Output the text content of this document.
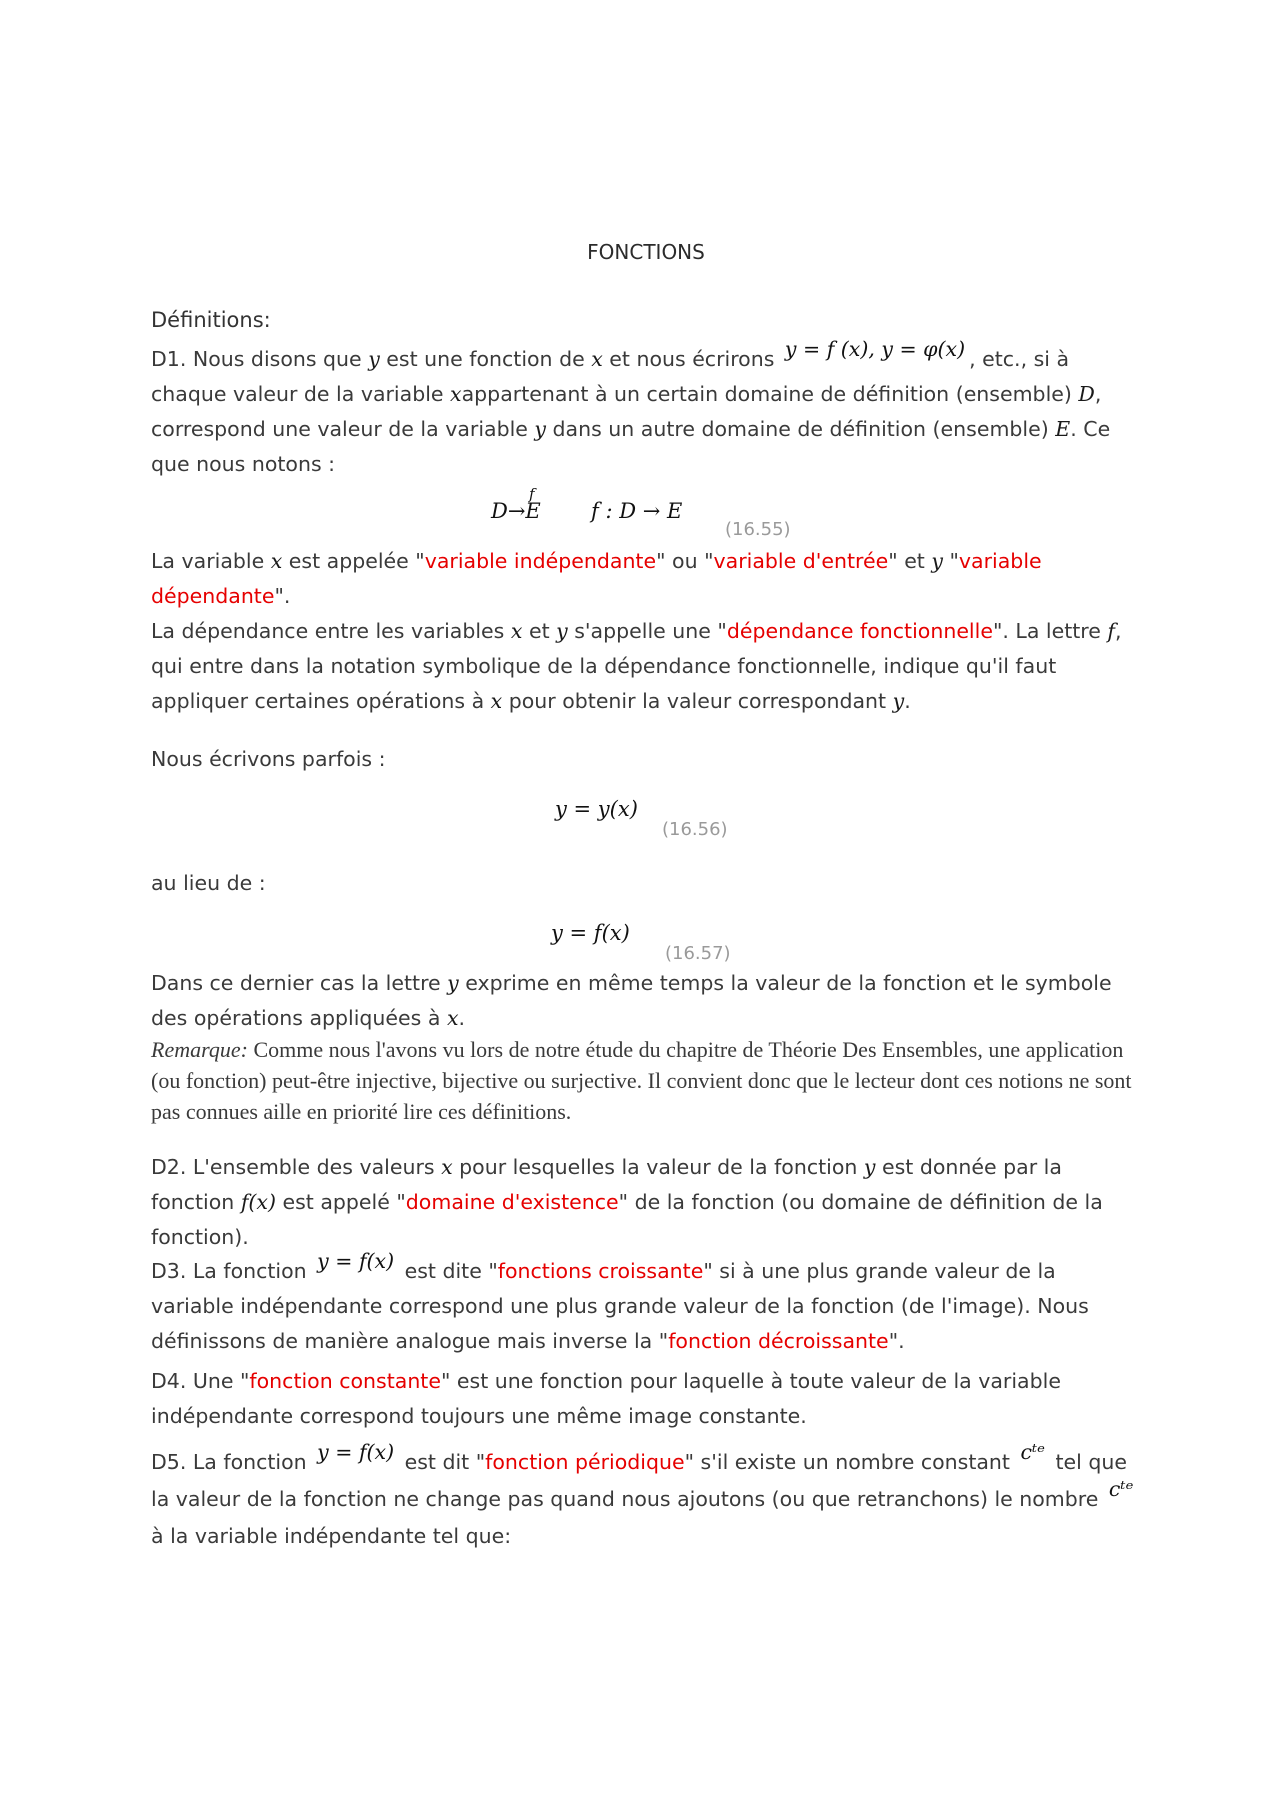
FONCTIONS
Définitions:

D1. Nous disons que y est une fonction de x et nous écrirons y = f (x), y = φ(x) , etc., si à chaque valeur de la variable xappartenant à un certain domaine de définition (ensemble) D, correspond une valeur de la variable y dans un autre domaine de définition (ensemble) E. Ce que nous notons :

f
D→E f : D → E
(16.55)

La variable x est appelée "variable indépendante" ou "variable d'entrée" et y "variable dépendante".

La dépendance entre les variables x et y s'appelle une "dépendance fonctionnelle". La lettre f, qui entre dans la notation symbolique de la dépendance fonctionnelle, indique qu'il faut appliquer certaines opérations à x pour obtenir la valeur correspondant y.

Nous écrivons parfois :

y = y(x)
(16.56)

au lieu de :

y = f(x)
(16.57)

Dans ce dernier cas la lettre y exprime en même temps la valeur de la fonction et le symbole des opérations appliquées à x.

Remarque: Comme nous l'avons vu lors de notre étude du chapitre de Théorie Des Ensembles, une application (ou fonction) peut-être injective, bijective ou surjective. Il convient donc que le lecteur dont ces notions ne sont pas connues aille en priorité lire ces définitions.

D2. L'ensemble des valeurs x pour lesquelles la valeur de la fonction y est donnée par la fonction f(x) est appelé "domaine d'existence" de la fonction (ou domaine de définition de la fonction).

D3. La fonction y = f(x) est dite "fonctions croissante" si à une plus grande valeur de la variable indépendante correspond une plus grande valeur de la fonction (de l'image). Nous définissons de manière analogue mais inverse la "fonction décroissante".

D4. Une "fonction constante" est une fonction pour laquelle à toute valeur de la variable indépendante correspond toujours une même image constante.

D5. La fonction y = f(x) est dit "fonction périodique" s'il existe un nombre constant cᵗᵉ tel que la valeur de la fonction ne change pas quand nous ajoutons (ou que retranchons) le nombre cᵗᵉ à la variable indépendante tel que:
